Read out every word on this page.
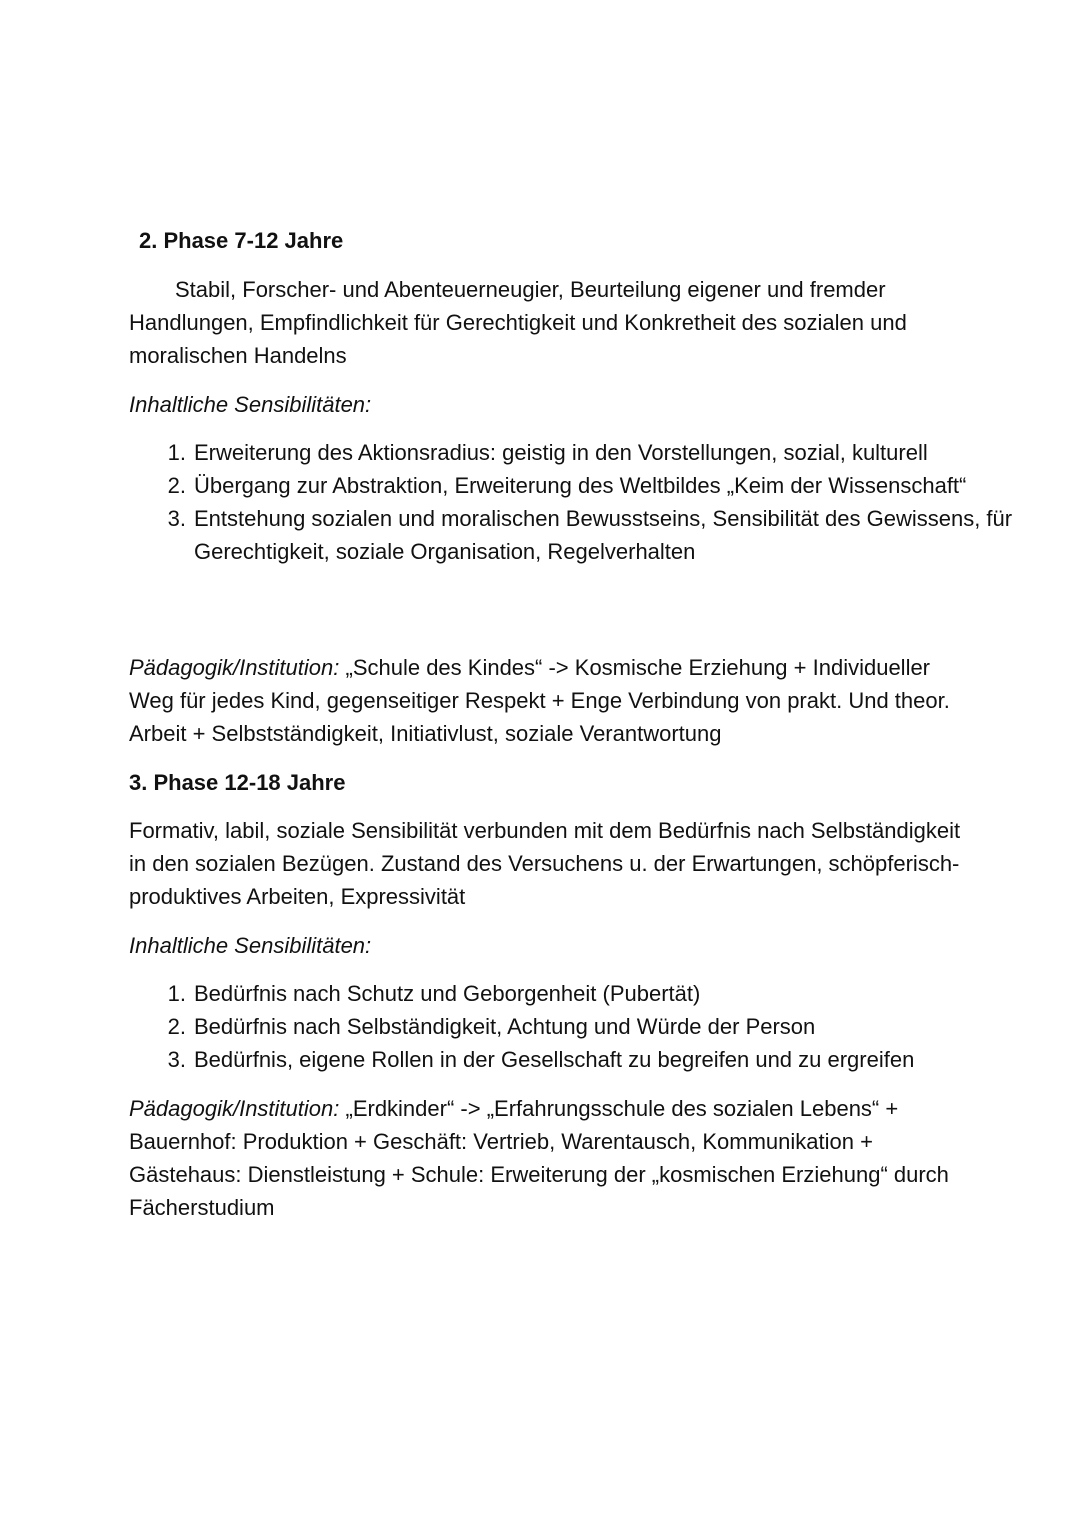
2. Phase 7-12 Jahre
Stabil, Forscher- und Abenteuerneugier, Beurteilung eigener und fremder Handlungen, Empfindlichkeit für Gerechtigkeit und Konkretheit des sozialen und moralischen Handelns
Inhaltliche Sensibilitäten:
Erweiterung des Aktionsradius: geistig in den Vorstellungen, sozial, kulturell
Übergang zur Abstraktion, Erweiterung des Weltbildes „Keim der Wissenschaft“
Entstehung sozialen und moralischen Bewusstseins, Sensibilität des Gewissens, für Gerechtigkeit, soziale Organisation, Regelverhalten
Pädagogik/Institution: „Schule des Kindes“ -> Kosmische Erziehung + Individueller Weg für jedes Kind, gegenseitiger Respekt + Enge Verbindung von prakt. Und theor. Arbeit + Selbstständigkeit, Initiativlust, soziale Verantwortung
3. Phase 12-18 Jahre
Formativ, labil, soziale Sensibilität verbunden mit dem Bedürfnis nach Selbständigkeit in den sozialen Bezügen. Zustand des Versuchens u. der Erwartungen, schöpferisch-produktives Arbeiten, Expressivität
Inhaltliche Sensibilitäten:
Bedürfnis nach Schutz und Geborgenheit (Pubertät)
Bedürfnis nach Selbständigkeit, Achtung und Würde der Person
Bedürfnis, eigene Rollen in der Gesellschaft zu begreifen und zu ergreifen
Pädagogik/Institution: „Erdkinder“ -> „Erfahrungsschule des sozialen Lebens“ + Bauernhof: Produktion + Geschäft: Vertrieb, Warentausch, Kommunikation + Gästehaus: Dienstleistung + Schule: Erweiterung der „kosmischen Erziehung“ durch Fächerstudium
